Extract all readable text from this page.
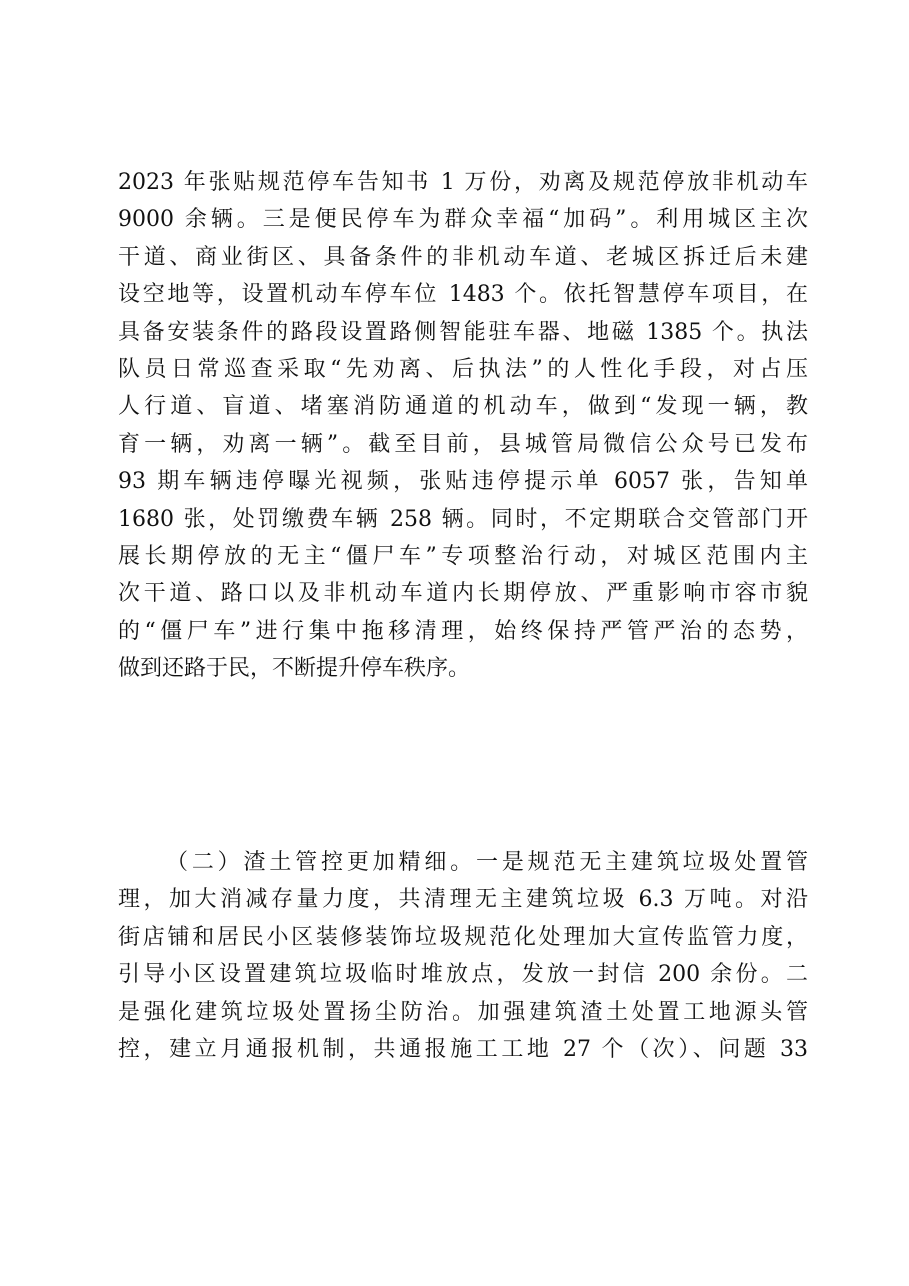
2023 年张贴规范停车告知书 1 万份，劝离及规范停放非机动车
9000 余辆。三是便民停车为群众幸福“加码”。利用城区主次
干道、商业街区、具备条件的非机动车道、老城区拆迁后未建
设空地等，设置机动车停车位 1483 个。依托智慧停车项目，在
具备安装条件的路段设置路侧智能驻车器、地磁 1385 个。执法
队员日常巡查采取“先劝离、后执法”的人性化手段，对占压
人行道、盲道、堵塞消防通道的机动车，做到“发现一辆，教
育一辆，劝离一辆”。截至目前，县城管局微信公众号已发布
93 期车辆违停曝光视频，张贴违停提示单 6057 张，告知单
1680 张，处罚缴费车辆 258 辆。同时，不定期联合交管部门开
展长期停放的无主“僵尸车”专项整治行动，对城区范围内主
次干道、路口以及非机动车道内长期停放、严重影响市容市貌
的“僵尸车”进行集中拖移清理，始终保持严管严治的态势，
做到还路于民，不断提升停车秩序。
（二）渣土管控更加精细。一是规范无主建筑垃圾处置管
理，加大消减存量力度，共清理无主建筑垃圾 6.3 万吨。对沿
街店铺和居民小区装修装饰垃圾规范化处理加大宣传监管力度，
引导小区设置建筑垃圾临时堆放点，发放一封信 200 余份。二
是强化建筑垃圾处置扬尘防治。加强建筑渣土处置工地源头管
控，建立月通报机制，共通报施工工地 27 个（次）、问题 33
